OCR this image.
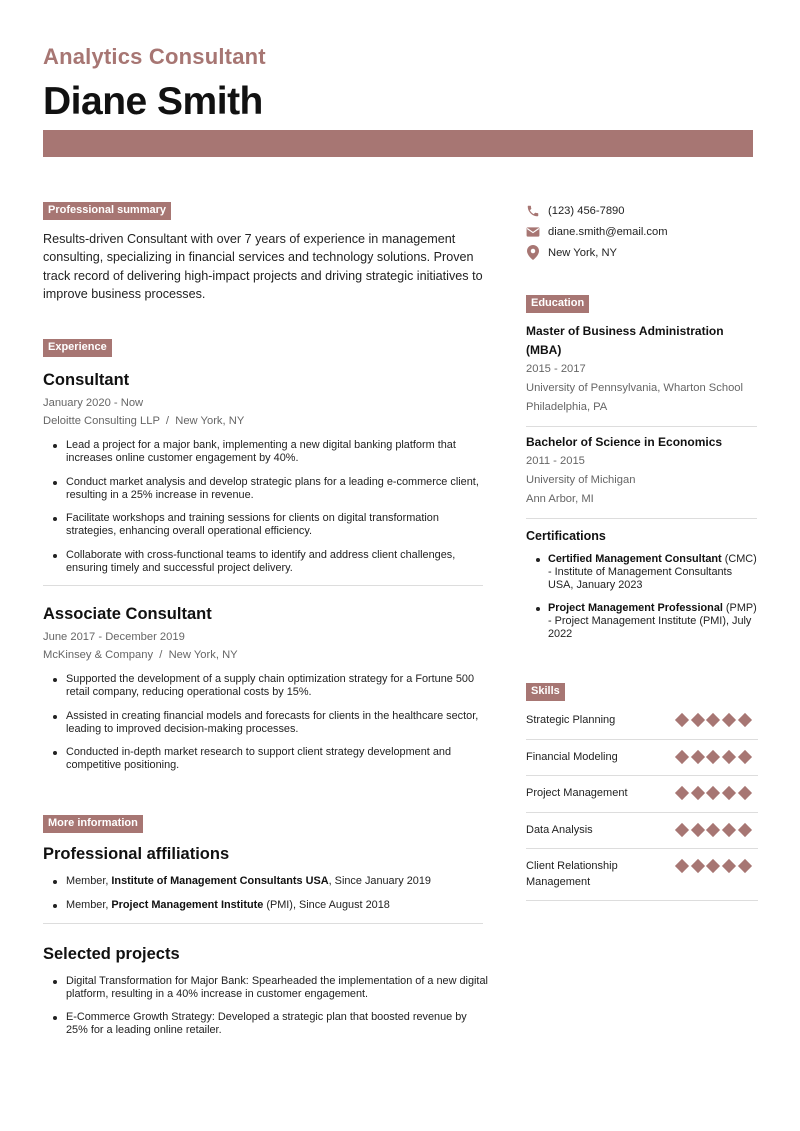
Analytics Consultant
Diane Smith
Professional summary

Results-driven Consultant with over 7 years of experience in management consulting, specializing in financial services and technology solutions. Proven track record of delivering high-impact projects and driving strategic initiatives to improve business processes.

Experience
Consultant
January 2020 - Now
Deloitte Consulting LLP  /  New York, NY
Lead a project for a major bank, implementing a new digital banking platform that increases online customer engagement by 40%.
Conduct market analysis and develop strategic plans for a leading e-commerce client, resulting in a 25% increase in revenue.
Facilitate workshops and training sessions for clients on digital transformation strategies, enhancing overall operational efficiency.
Collaborate with cross-functional teams to identify and address client challenges, ensuring timely and successful project delivery.
Associate Consultant
June 2017 - December 2019
McKinsey & Company  /  New York, NY
Supported the development of a supply chain optimization strategy for a Fortune 500 retail company, reducing operational costs by 15%.
Assisted in creating financial models and forecasts for clients in the healthcare sector, leading to improved decision-making processes.
Conducted in-depth market research to support client strategy development and competitive positioning.
More information
Professional affiliations
Member, Institute of Management Consultants USA, Since January 2019
Member, Project Management Institute (PMI), Since August 2018
Selected projects
Digital Transformation for Major Bank: Spearheaded the implementation of a new digital platform, resulting in a 40% increase in customer engagement.
E-Commerce Growth Strategy: Developed a strategic plan that boosted revenue by 25% for a leading online retailer.
(123) 456-7890
diane.smith@email.com
New York, NY
Education
Master of Business Administration (MBA)
2015 - 2017
University of Pennsylvania, Wharton School
Philadelphia, PA
Bachelor of Science in Economics
2011 - 2015
University of Michigan
Ann Arbor, MI
Certifications
Certified Management Consultant (CMC) - Institute of Management Consultants USA, January 2023
Project Management Professional (PMP) - Project Management Institute (PMI), July 2022
Skills
Strategic Planning
Financial Modeling
Project Management
Data Analysis
Client Relationship Management
